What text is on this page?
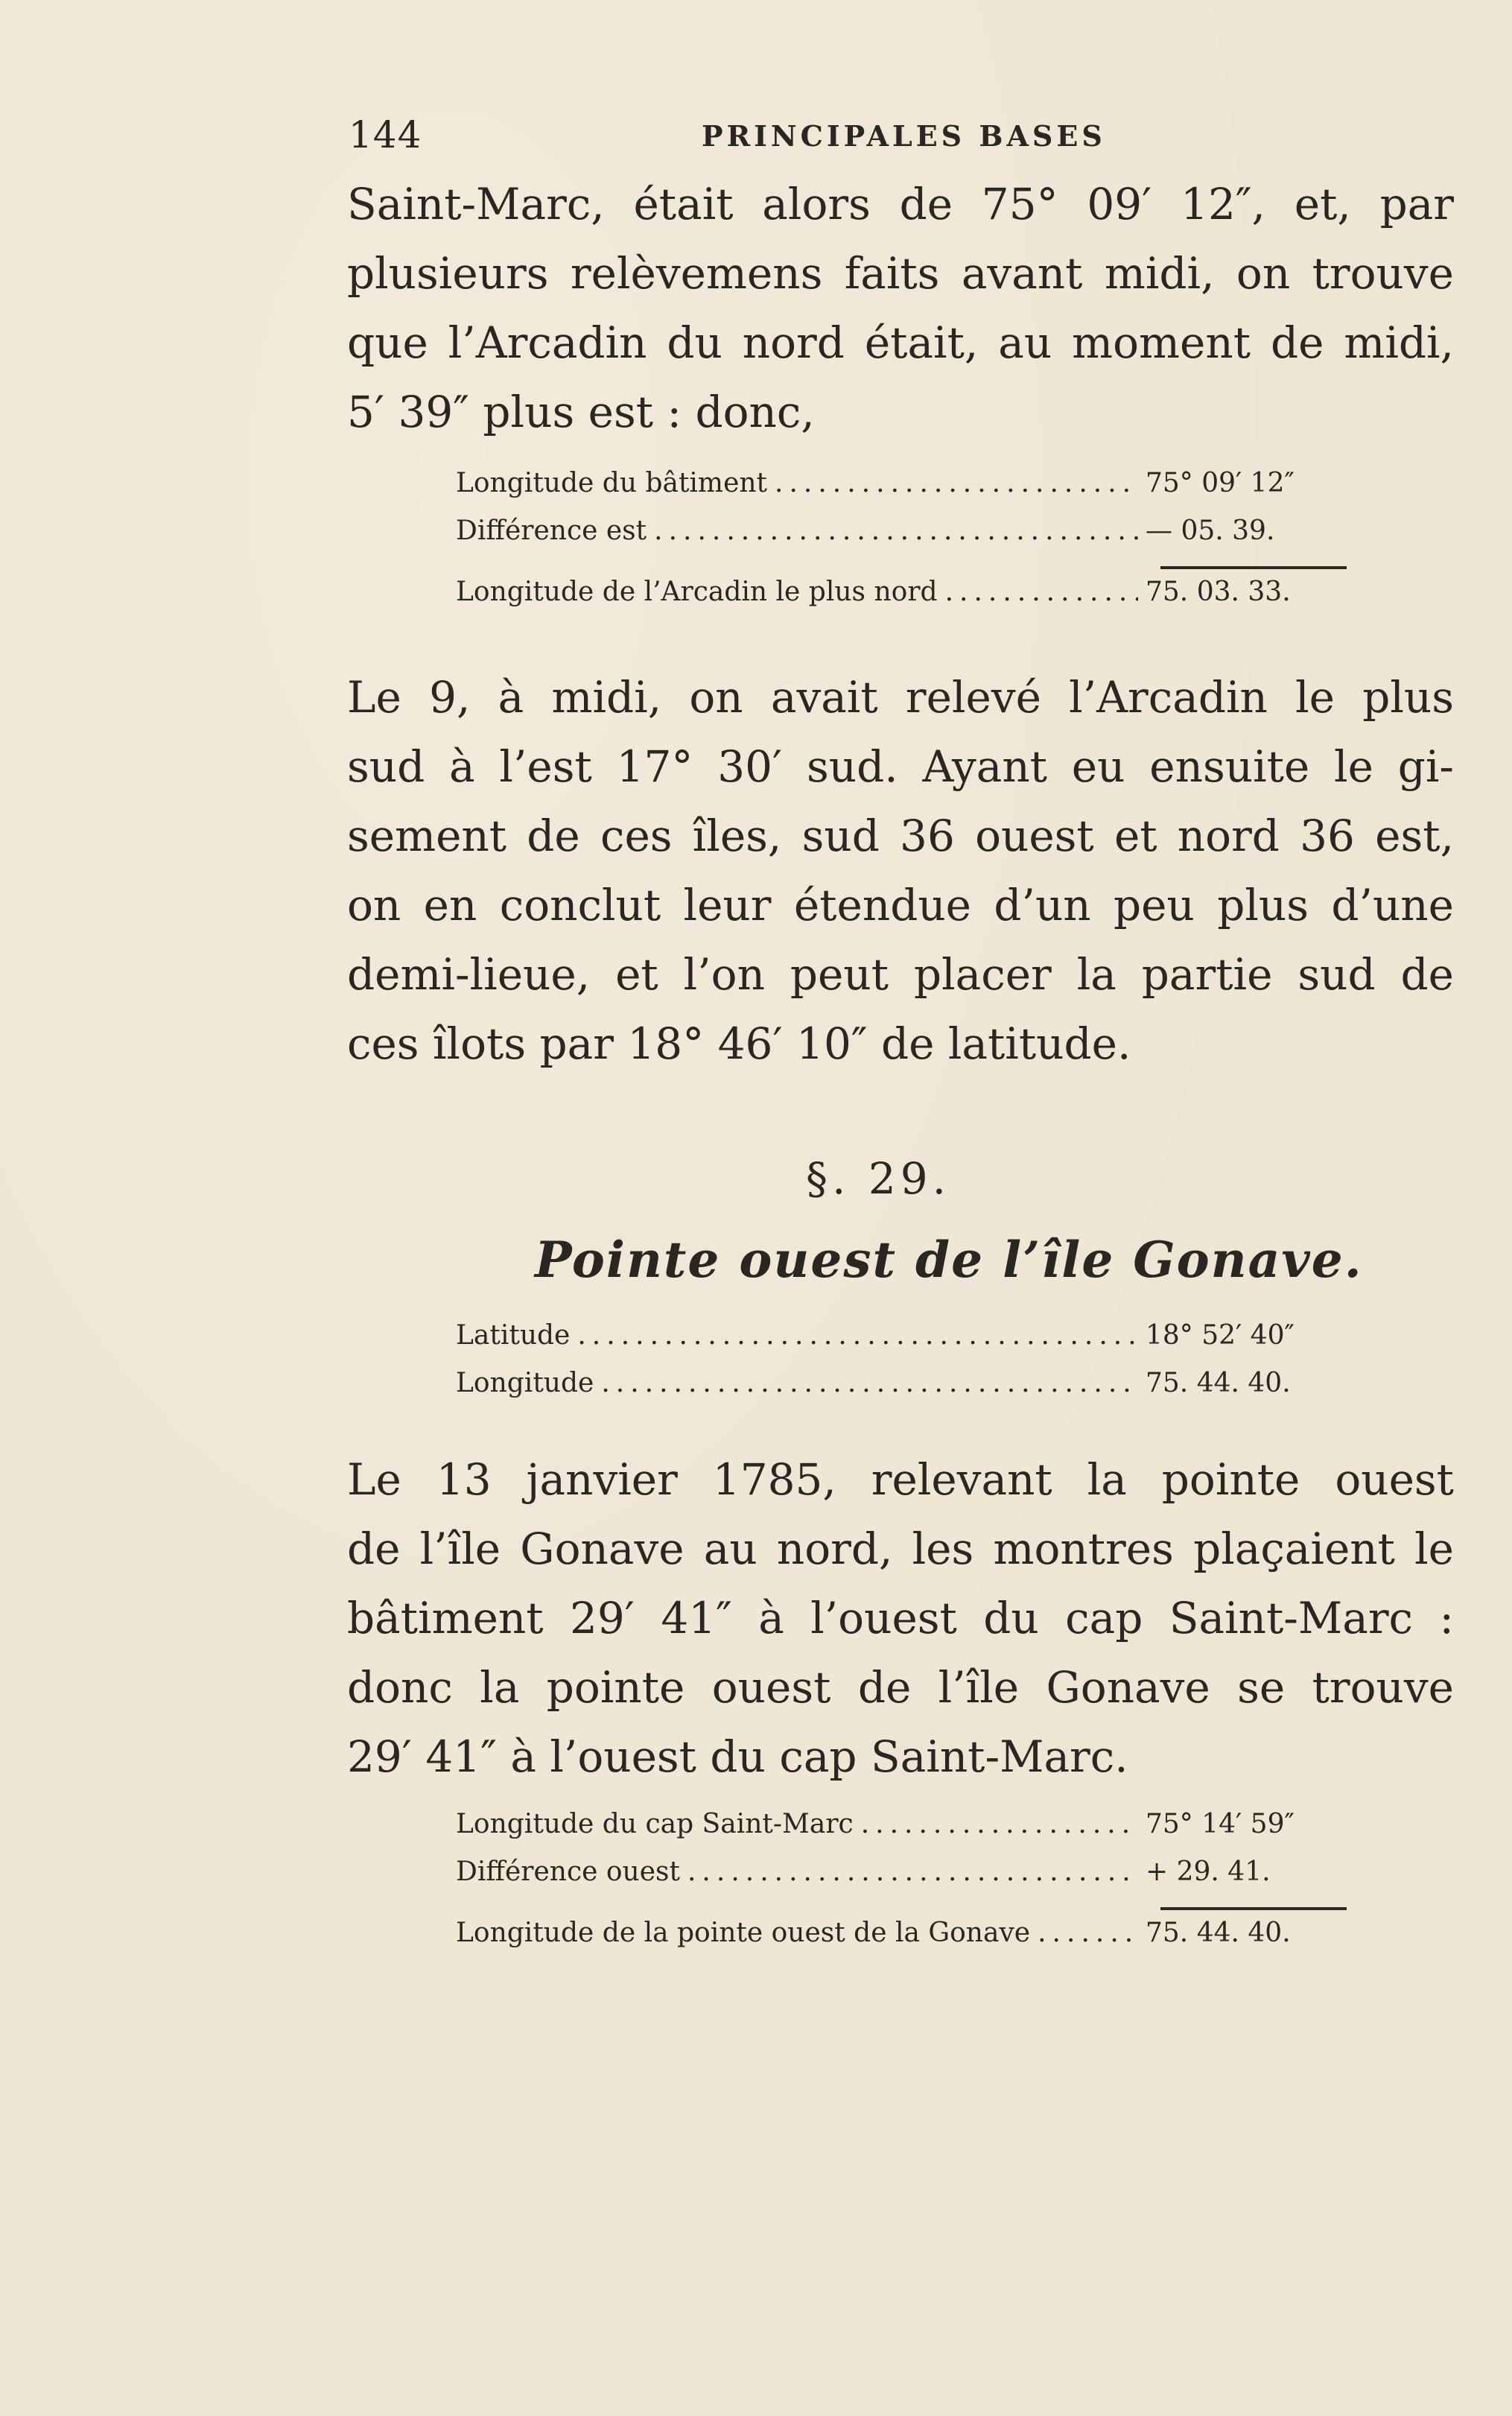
144	PRINCIPALES BASES
Saint-Marc, était alors de 75° 09′ 12″, et, par
plusieurs relèvemens faits avant midi, on trouve
que l’Arcadin du nord était, au moment de midi,
5′ 39″ plus est : donc,
Longitude du bâtiment .....	75° 09′ 12″
Différence est .....	— 05. 39.
Longitude de l’Arcadin le plus nord .....	75. 03. 33.
Le 9, à midi, on avait relevé l’Arcadin le plus
sud à l’est 17° 30′ sud. Ayant eu ensuite le gi-
sement de ces îles, sud 36 ouest et nord 36 est,
on en conclut leur étendue d’un peu plus d’une
demi-lieue, et l’on peut placer la partie sud de
ces îlots par 18° 46′ 10″ de latitude.
§. 29.
Pointe ouest de l’île Gonave.
Latitude .....	18° 52′ 40″
Longitude .....	75. 44. 40.
Le 13 janvier 1785, relevant la pointe ouest
de l’île Gonave au nord, les montres plaçaient le
bâtiment 29′ 41″ à l’ouest du cap Saint-Marc :
donc la pointe ouest de l’île Gonave se trouve
29′ 41″ à l’ouest du cap Saint-Marc.
Longitude du cap Saint-Marc .....	75° 14′ 59″
Différence ouest .....	+ 29. 41.
Longitude de la pointe ouest de la Gonave .....	75. 44. 40.
